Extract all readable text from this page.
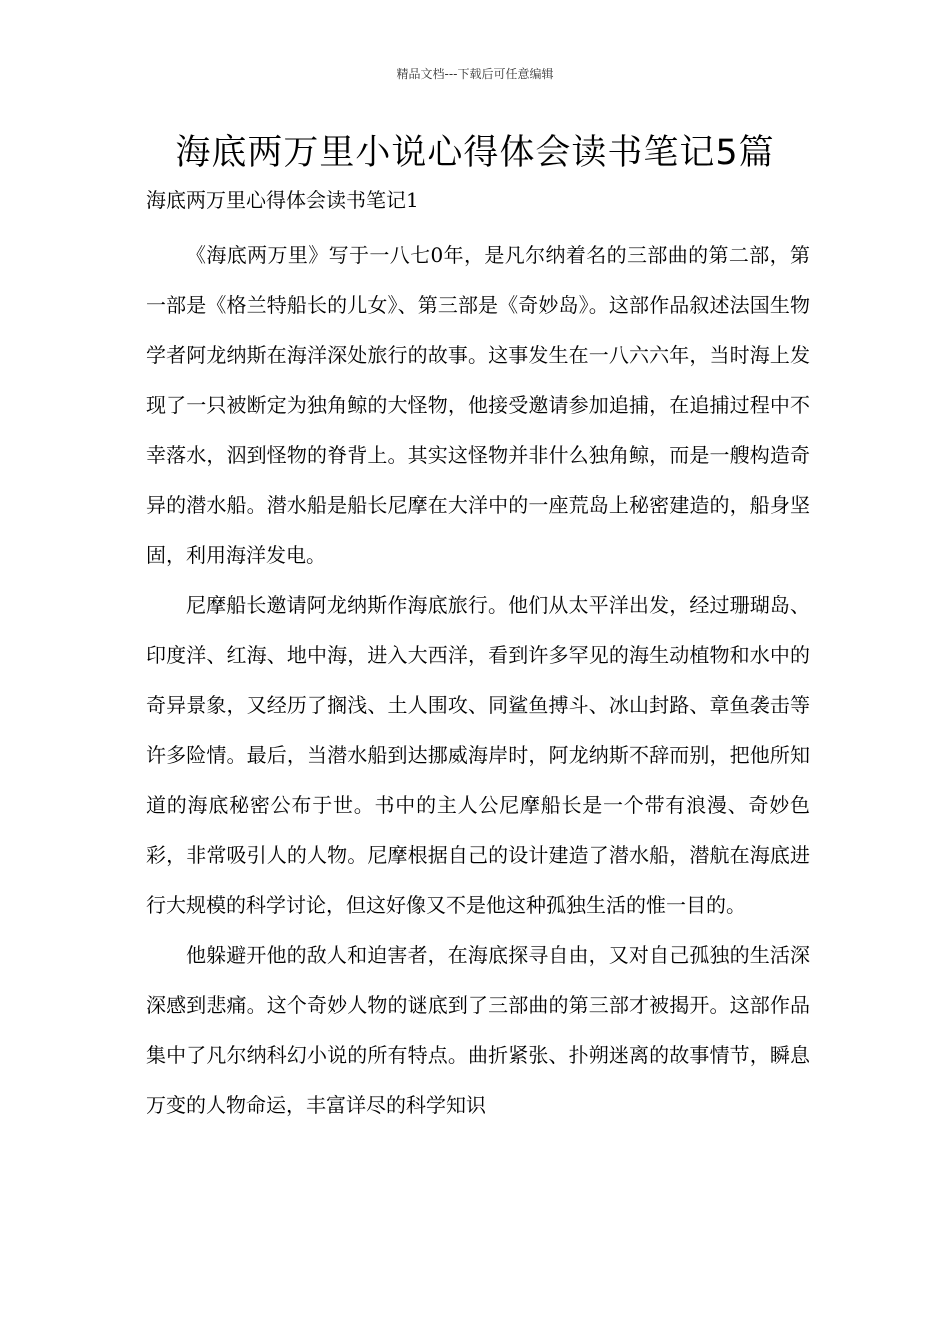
精品文档---下载后可任意编辑
海底两万里小说心得体会读书笔记5篇
海底两万里心得体会读书笔记1

《海底两万里》写于一八七0年，是凡尔纳着名的三部曲的第二部，第一部是《格兰特船长的儿女》、第三部是《奇妙岛》。这部作品叙述法国生物学者阿龙纳斯在海洋深处旅行的故事。这事发生在一八六六年，当时海上发现了一只被断定为独角鲸的大怪物，他接受邀请参加追捕，在追捕过程中不幸落水，泅到怪物的脊背上。其实这怪物并非什么独角鲸，而是一艘构造奇异的潜水船。潜水船是船长尼摩在大洋中的一座荒岛上秘密建造的，船身坚固，利用海洋发电。

尼摩船长邀请阿龙纳斯作海底旅行。他们从太平洋出发，经过珊瑚岛、印度洋、红海、地中海，进入大西洋，看到许多罕见的海生动植物和水中的奇异景象，又经历了搁浅、土人围攻、同鲨鱼搏斗、冰山封路、章鱼袭击等许多险情。最后，当潜水船到达挪威海岸时，阿龙纳斯不辞而别，把他所知道的海底秘密公布于世。书中的主人公尼摩船长是一个带有浪漫、奇妙色彩，非常吸引人的人物。尼摩根据自己的设计建造了潜水船，潜航在海底进行大规模的科学讨论，但这好像又不是他这种孤独生活的惟一目的。

他躲避开他的敌人和迫害者，在海底探寻自由，又对自己孤独的生活深深感到悲痛。这个奇妙人物的谜底到了三部曲的第三部才被揭开。这部作品集中了凡尔纳科幻小说的所有特点。曲折紧张、扑朔迷离的故事情节，瞬息万变的人物命运，丰富详尽的科学知识
